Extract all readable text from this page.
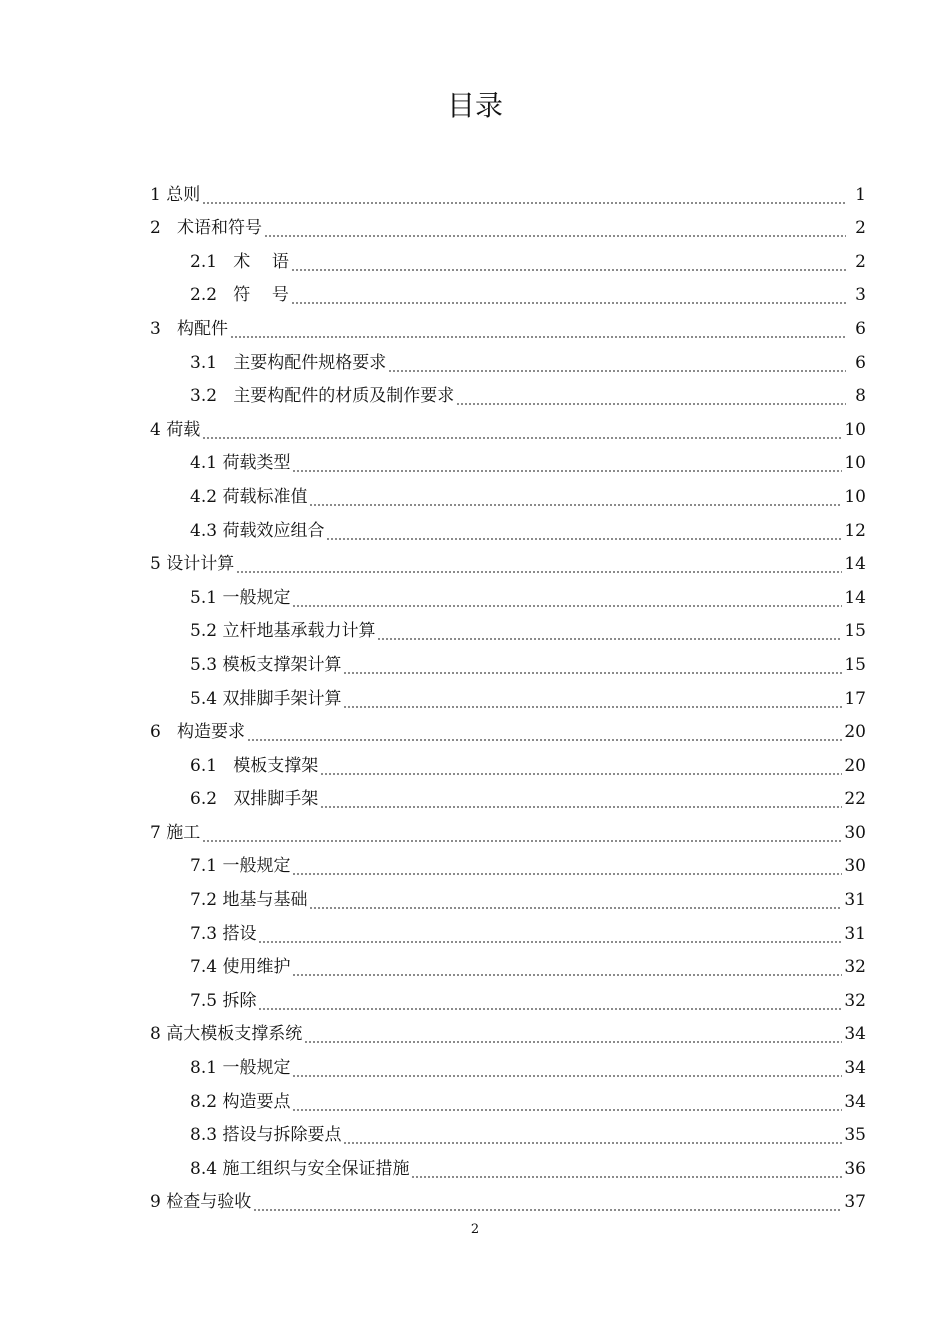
目录
1 总则	1
2 术语和符号	2
2.1 术    语	2
2.2 符    号	3
3 构配件	6
3.1 主要构配件规格要求	6
3.2 主要构配件的材质及制作要求	8
4 荷载	10
4.1 荷载类型	10
4.2 荷载标准值	10
4.3 荷载效应组合	12
5 设计计算	14
5.1 一般规定	14
5.2 立杆地基承载力计算	15
5.3 模板支撑架计算	15
5.4 双排脚手架计算	17
6 构造要求	20
6.1 模板支撑架	20
6.2 双排脚手架	22
7 施工	30
7.1 一般规定	30
7.2 地基与基础	31
7.3 搭设	31
7.4 使用维护	32
7.5 拆除	32
8 高大模板支撑系统	34
8.1 一般规定	34
8.2 构造要点	34
8.3 搭设与拆除要点	35
8.4 施工组织与安全保证措施	36
9 检查与验收	37
2
